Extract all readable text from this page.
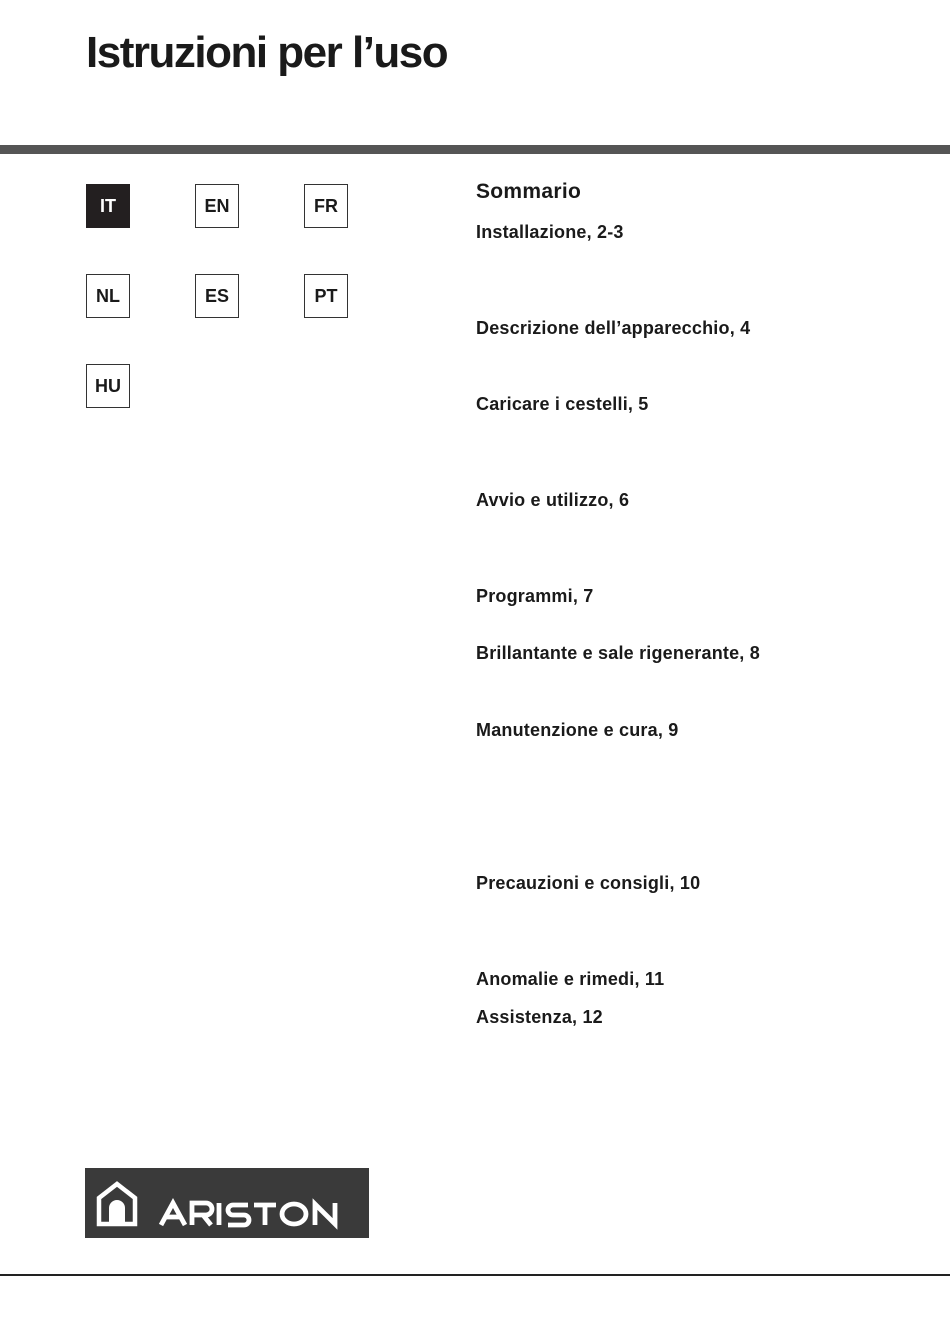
Istruzioni per l’uso
IT	EN	FR
NL	ES	PT
HU
Sommario
Installazione, 2-3
Descrizione dell’apparecchio, 4
Caricare i cestelli, 5
Avvio e utilizzo, 6
Programmi, 7
Brillantante e sale rigenerante, 8
Manutenzione e cura, 9
Precauzioni e consigli, 10
Anomalie e rimedi, 11
Assistenza, 12
